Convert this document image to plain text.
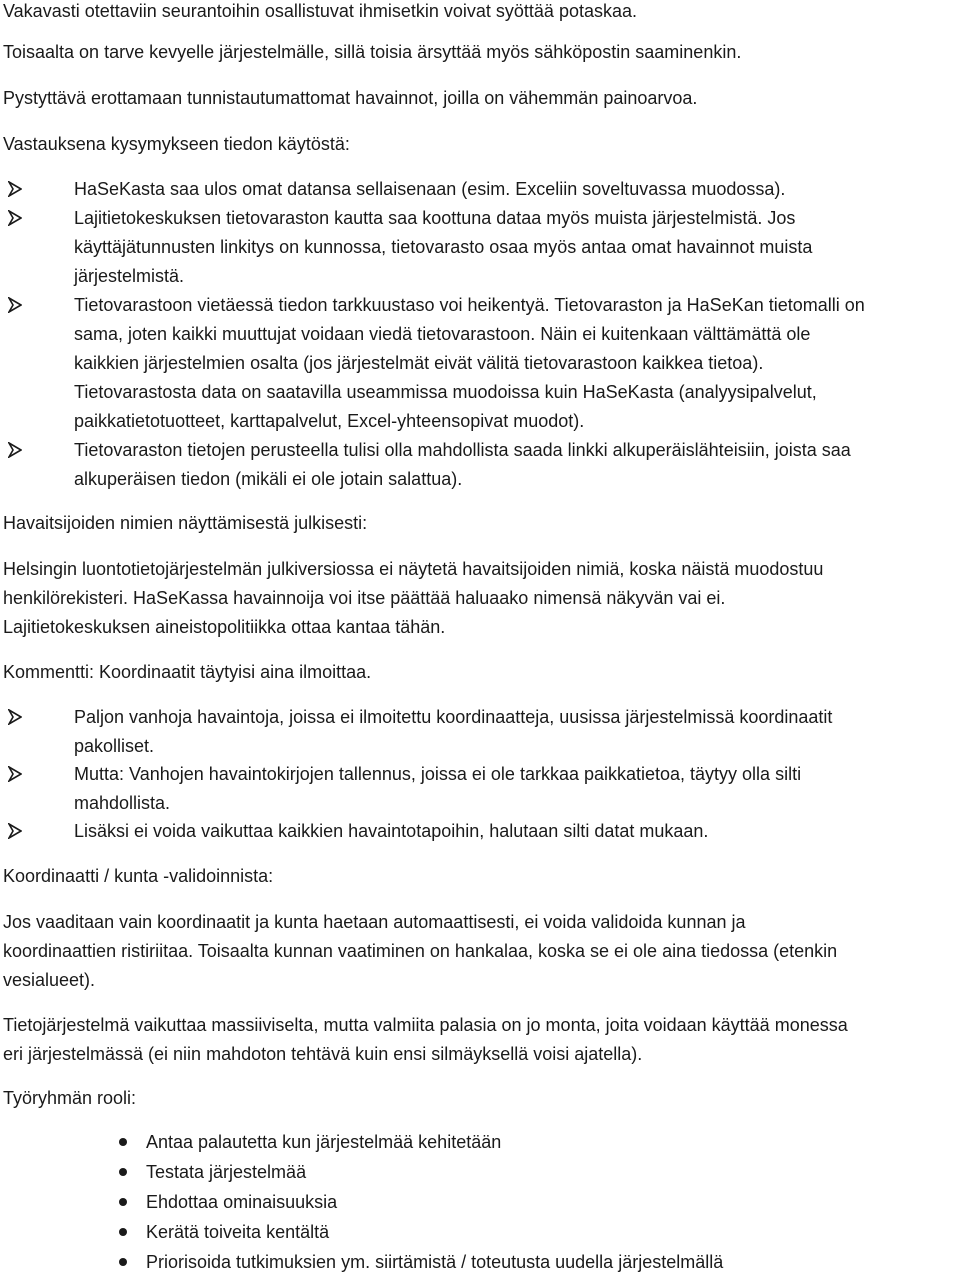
Vakavasti otettaviin seurantoihin osallistuvat ihmisetkin voivat syöttää potaskaa.
Toisaalta on tarve kevyelle järjestelmälle, sillä toisia ärsyttää myös sähköpostin saaminenkin.
Pystyttävä erottamaan tunnistautumattomat havainnot, joilla on vähemmän painoarvoa.
Vastauksena kysymykseen tiedon käytöstä:
HaSeKasta saa ulos omat datansa sellaisenaan (esim. Exceliin soveltuvassa muodossa).
Lajitietokeskuksen tietovaraston kautta saa koottuna dataa myös muista järjestelmistä. Jos
käyttäjätunnusten linkitys on kunnossa, tietovarasto osaa myös antaa omat havainnot muista
järjestelmistä.
Tietovarastoon vietäessä tiedon tarkkuustaso voi heikentyä. Tietovaraston ja HaSeKan tietomalli on
sama, joten kaikki muuttujat voidaan viedä tietovarastoon. Näin ei kuitenkaan välttämättä ole
kaikkien järjestelmien osalta (jos järjestelmät eivät välitä tietovarastoon kaikkea tietoa).
Tietovarastosta data on saatavilla useammissa muodoissa kuin HaSeKasta (analyysipalvelut,
paikkatietotuotteet, karttapalvelut, Excel-yhteensopivat muodot).
Tietovaraston tietojen perusteella tulisi olla mahdollista saada linkki alkuperäislähteisiin, joista saa
alkuperäisen tiedon (mikäli ei ole jotain salattua).
Havaitsijoiden nimien näyttämisestä julkisesti:
Helsingin luontotietojärjestelmän julkiversiossa ei näytetä havaitsijoiden nimiä, koska näistä muodostuu
henkilörekisteri. HaSeKassa havainnoija voi itse päättää haluaako nimensä näkyvän vai ei.
Lajitietokeskuksen aineistopolitiikka ottaa kantaa tähän.
Kommentti: Koordinaatit täytyisi aina ilmoittaa.
Paljon vanhoja havaintoja, joissa ei ilmoitettu koordinaatteja, uusissa järjestelmissä koordinaatit
pakolliset.
Mutta: Vanhojen havaintokirjojen tallennus, joissa ei ole tarkkaa paikkatietoa, täytyy olla silti
mahdollista.
Lisäksi ei voida vaikuttaa kaikkien havaintotapoihin, halutaan silti datat mukaan.
Koordinaatti / kunta -validoinnista:
Jos vaaditaan vain koordinaatit ja kunta haetaan automaattisesti, ei voida validoida kunnan ja
koordinaattien ristiriitaa. Toisaalta kunnan vaatiminen on hankalaa, koska se ei ole aina tiedossa (etenkin
vesialueet).
Tietojärjestelmä vaikuttaa massiiviselta, mutta valmiita palasia on jo monta, joita voidaan käyttää monessa
eri järjestelmässä (ei niin mahdoton tehtävä kuin ensi silmäyksellä voisi ajatella).
Työryhmän rooli:
Antaa palautetta kun järjestelmää kehitetään
Testata järjestelmää
Ehdottaa ominaisuuksia
Kerätä toiveita kentältä
Priorisoida tutkimuksien ym. siirtämistä / toteutusta uudella järjestelmällä
